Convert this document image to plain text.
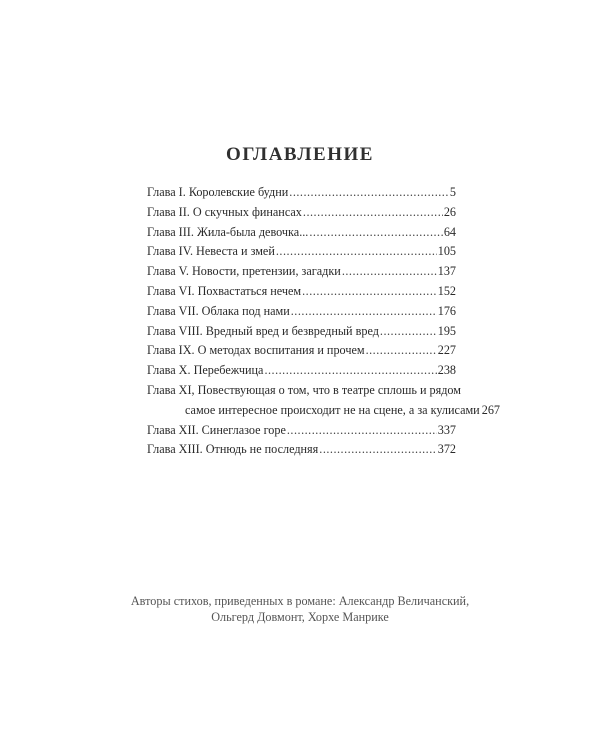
ОГЛАВЛЕНИЕ
Глава I. Королевские будни .....	5
Глава II. О скучных финансах .....	26
Глава III. Жила-была девочка... .....	64
Глава IV. Невеста и змей .....	105
Глава V. Новости, претензии, загадки .....	137
Глава VI. Похвастаться нечем .....	152
Глава VII. Облака под нами .....	176
Глава VIII. Вредный вред и безвредный вред .....	195
Глава IX. О методах воспитания и прочем .....	227
Глава X. Перебежчица .....	238
Глава XI, Повествующая о том, что в театре сплошь и рядом
самое интересное происходит не на сцене, а за кулисами 267
Глава XII. Синеглазое горе .....	337
Глава XIII. Отнюдь не последняя .....	372
Авторы стихов, приведенных в романе: Александр Величанский,
Ольгерд Довмонт, Хорхе Манрике
